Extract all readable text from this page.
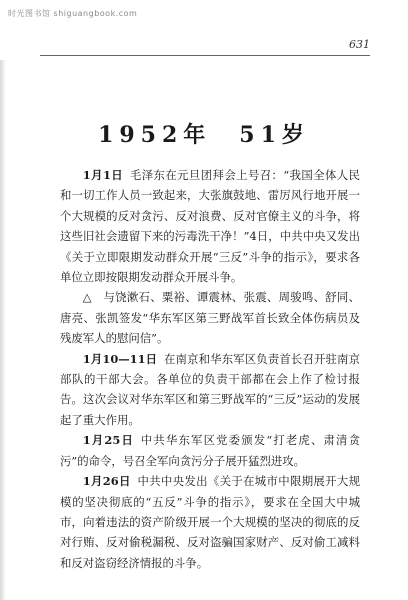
时光图书馆 shiguangbook.com
631
1952年　51岁

1月1日 毛泽东在元旦团拜会上号召：“我国全体人民和一切工作人员一致起来，大张旗鼓地、雷厉风行地开展一个大规模的反对贪污、反对浪费、反对官僚主义的斗争，将这些旧社会遗留下来的污毒洗干净！”4日，中共中央又发出《关于立即限期发动群众开展“三反”斗争的指示》，要求各单位立即按限期发动群众开展斗争。

△　与饶漱石、粟裕、谭震林、张震、周骏鸣、舒同、唐亮、张凯签发“华东军区第三野战军首长致全体伤病员及残废军人的慰问信”。

1月10—11日 在南京和华东军区负责首长召开驻南京部队的干部大会。各单位的负责干部都在会上作了检讨报告。这次会议对华东军区和第三野战军的“三反”运动的发展起了重大作用。

1月25日 中共华东军区党委颁发“打老虎、肃清贪污”的命令，号召全军向贪污分子展开猛烈进攻。

1月26日 中共中央发出《关于在城市中限期展开大规模的坚决彻底的“五反”斗争的指示》，要求在全国大中城市，向着违法的资产阶级开展一个大规模的坚决的彻底的反对行贿、反对偷税漏税、反对盗骗国家财产、反对偷工减料和反对盗窃经济情报的斗争。
